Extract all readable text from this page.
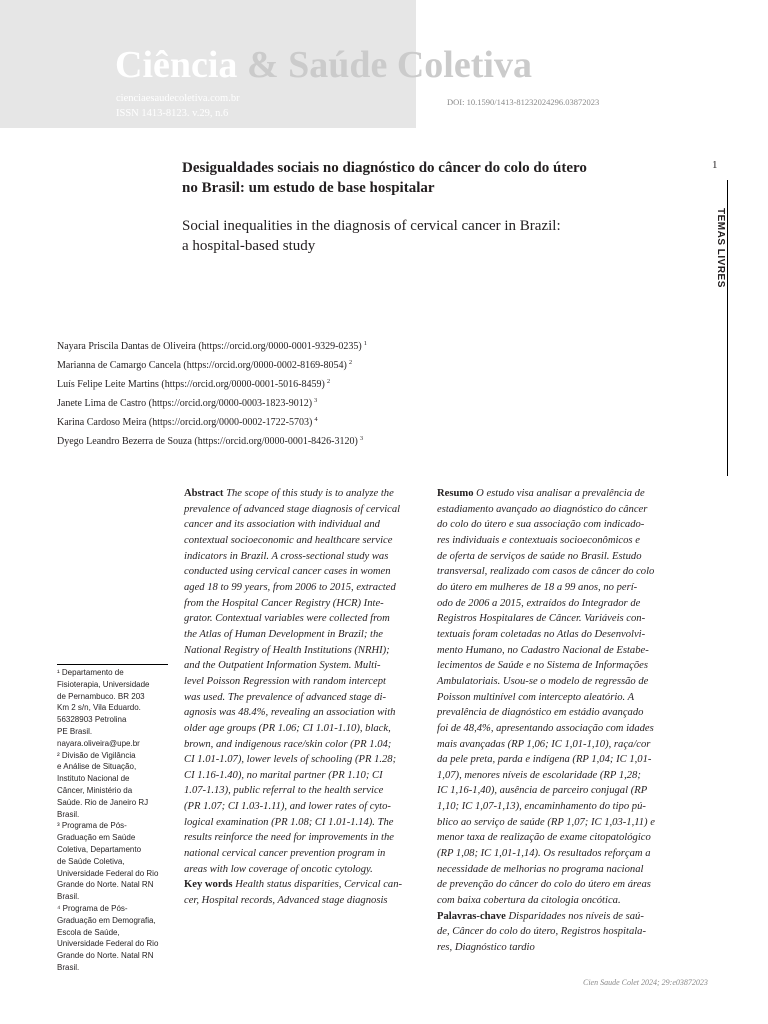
Ciência & Saúde Coletiva
cienciaesaudecoletiva.com.br
ISSN 1413-8123. v.29, n.6
DOI: 10.1590/1413-81232024296.03872023
1
TEMAS LIVRES
Desigualdades sociais no diagnóstico do câncer do colo do útero
no Brasil: um estudo de base hospitalar
Social inequalities in the diagnosis of cervical cancer in Brazil:
a hospital-based study
Nayara Priscila Dantas de Oliveira (https://orcid.org/0000-0001-9329-0235) $^1$
Marianna de Camargo Cancela (https://orcid.org/0000-0002-8169-8054) $^2$
Luís Felipe Leite Martins (https://orcid.org/0000-0001-5016-8459) $^2$
Janete Lima de Castro (https://orcid.org/0000-0003-1823-9012) $^3$
Karina Cardoso Meira (https://orcid.org/0000-0002-1722-5703) $^4$
Dyego Leandro Bezerra de Souza (https://orcid.org/0000-0001-8426-3120) $^3$
¹ Departamento de
Fisioterapia, Universidade
de Pernambuco. BR 203
Km 2 s/n, Vila Eduardo.
56328903 Petrolina
PE Brasil.
nayara.oliveira@upe.br
² Divisão de Vigilância
e Análise de Situação,
Instituto Nacional de
Câncer, Ministério da
Saúde. Rio de Janeiro RJ
Brasil.
³ Programa de Pós-
Graduação em Saúde
Coletiva, Departamento
de Saúde Coletiva,
Universidade Federal do Rio
Grande do Norte. Natal RN
Brasil.
⁴ Programa de Pós-
Graduação em Demografia,
Escola de Saúde,
Universidade Federal do Rio
Grande do Norte. Natal RN
Brasil.
Abstract The scope of this study is to analyze the
prevalence of advanced stage diagnosis of cervical
cancer and its association with individual and
contextual socioeconomic and healthcare service
indicators in Brazil. A cross-sectional study was
conducted using cervical cancer cases in women
aged 18 to 99 years, from 2006 to 2015, extracted
from the Hospital Cancer Registry (HCR) Inte-
grator. Contextual variables were collected from
the Atlas of Human Development in Brazil; the
National Registry of Health Institutions (NRHI);
and the Outpatient Information System. Multi-
level Poisson Regression with random intercept
was used. The prevalence of advanced stage di-
agnosis was 48.4%, revealing an association with
older age groups (PR 1.06; CI 1.01-1.10), black,
brown, and indigenous race/skin color (PR 1.04;
CI 1.01-1.07), lower levels of schooling (PR 1.28;
CI 1.16-1.40), no marital partner (PR 1.10; CI
1.07-1.13), public referral to the health service
(PR 1.07; CI 1.03-1.11), and lower rates of cyto-
logical examination (PR 1.08; CI 1.01-1.14). The
results reinforce the need for improvements in the
national cervical cancer prevention program in
areas with low coverage of oncotic cytology.
Key words Health status disparities, Cervical can-
cer, Hospital records, Advanced stage diagnosis
Resumo O estudo visa analisar a prevalência de
estadiamento avançado ao diagnóstico do câncer
do colo do útero e sua associação com indicado-
res individuais e contextuais socioeconômicos e
de oferta de serviços de saúde no Brasil. Estudo
transversal, realizado com casos de câncer do colo
do útero em mulheres de 18 a 99 anos, no perí-
odo de 2006 a 2015, extraídos do Integrador de
Registros Hospitalares de Câncer. Variáveis con-
textuais foram coletadas no Atlas do Desenvolvi-
mento Humano, no Cadastro Nacional de Estabe-
lecimentos de Saúde e no Sistema de Informações
Ambulatoriais. Usou-se o modelo de regressão de
Poisson multinível com intercepto aleatório. A
prevalência de diagnóstico em estádio avançado
foi de 48,4%, apresentando associação com idades
mais avançadas (RP 1,06; IC 1,01-1,10), raça/cor
da pele preta, parda e indígena (RP 1,04; IC 1,01-
1,07), menores níveis de escolaridade (RP 1,28;
IC 1,16-1,40), ausência de parceiro conjugal (RP
1,10; IC 1,07-1,13), encaminhamento do tipo pú-
blico ao serviço de saúde (RP 1,07; IC 1,03-1,11) e
menor taxa de realização de exame citopatológico
(RP 1,08; IC 1,01-1,14). Os resultados reforçam a
necessidade de melhorias no programa nacional
de prevenção do câncer do colo do útero em áreas
com baixa cobertura da citologia oncótica.
Palavras-chave Disparidades nos níveis de saú-
de, Câncer do colo do útero, Registros hospitala-
res, Diagnóstico tardio
Cien Saude Colet 2024; 29:e03872023
